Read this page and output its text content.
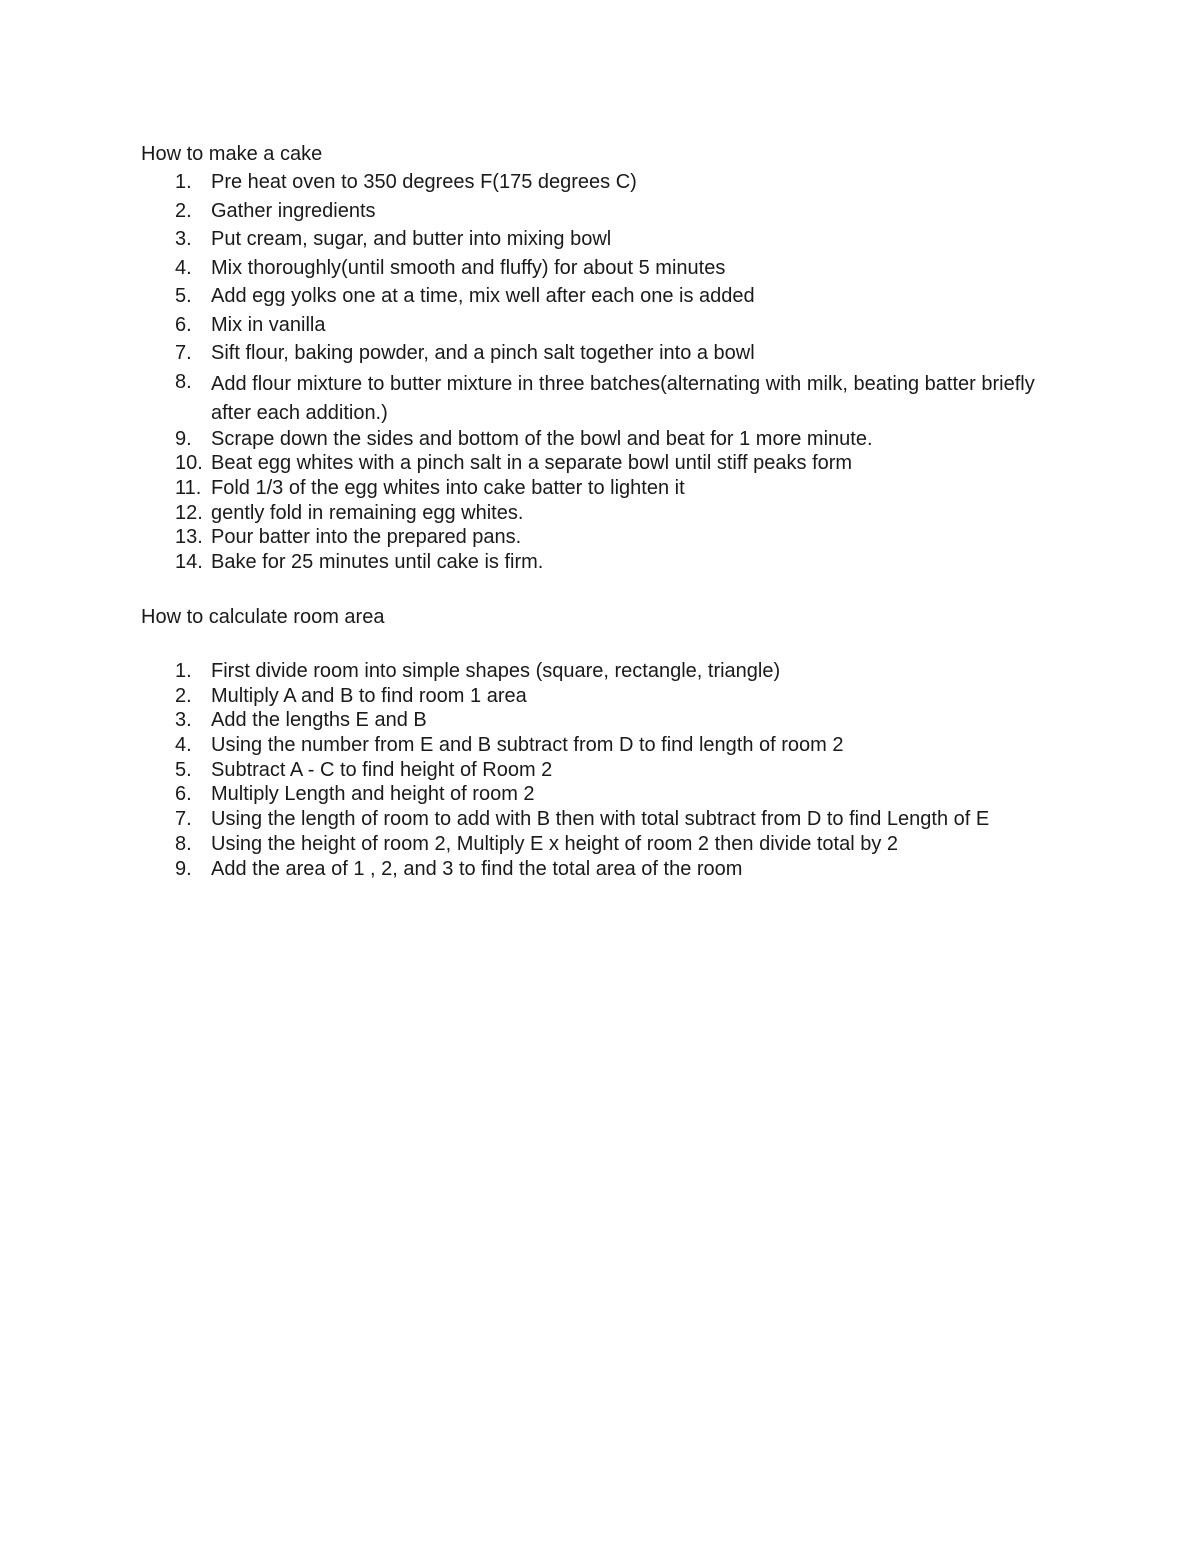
How to make a cake
1. Pre heat oven to 350 degrees F(175 degrees C)
2. Gather ingredients
3. Put cream, sugar, and butter into mixing bowl
4. Mix thoroughly(until smooth and fluffy) for about 5 minutes
5. Add egg yolks one at a time, mix well after each one is added
6. Mix in vanilla
7. Sift flour, baking powder, and a pinch salt together into a bowl
8. Add flour mixture to butter mixture in three batches(alternating with milk, beating batter briefly after each addition.)
9. Scrape down the sides and bottom of the bowl and beat for 1 more minute.
10. Beat egg whites with a pinch salt in a separate bowl until stiff peaks form
11. Fold 1/3 of the egg whites into cake batter to lighten it
12. gently fold in remaining egg whites.
13. Pour batter into the prepared pans.
14. Bake for 25 minutes until cake is firm.
How to calculate room area
1. First divide room into simple shapes (square, rectangle, triangle)
2. Multiply A and B to find room 1 area
3. Add the lengths E and B
4. Using the number from E and B subtract from D to find length of room 2
5. Subtract A - C to find height of Room 2
6. Multiply Length and height of room 2
7. Using the length of room to add with B then with total subtract from D to find Length of E
8. Using the height of room 2, Multiply E x height of room 2 then divide total by 2
9. Add the area of 1 , 2, and 3 to find the total area of the room
